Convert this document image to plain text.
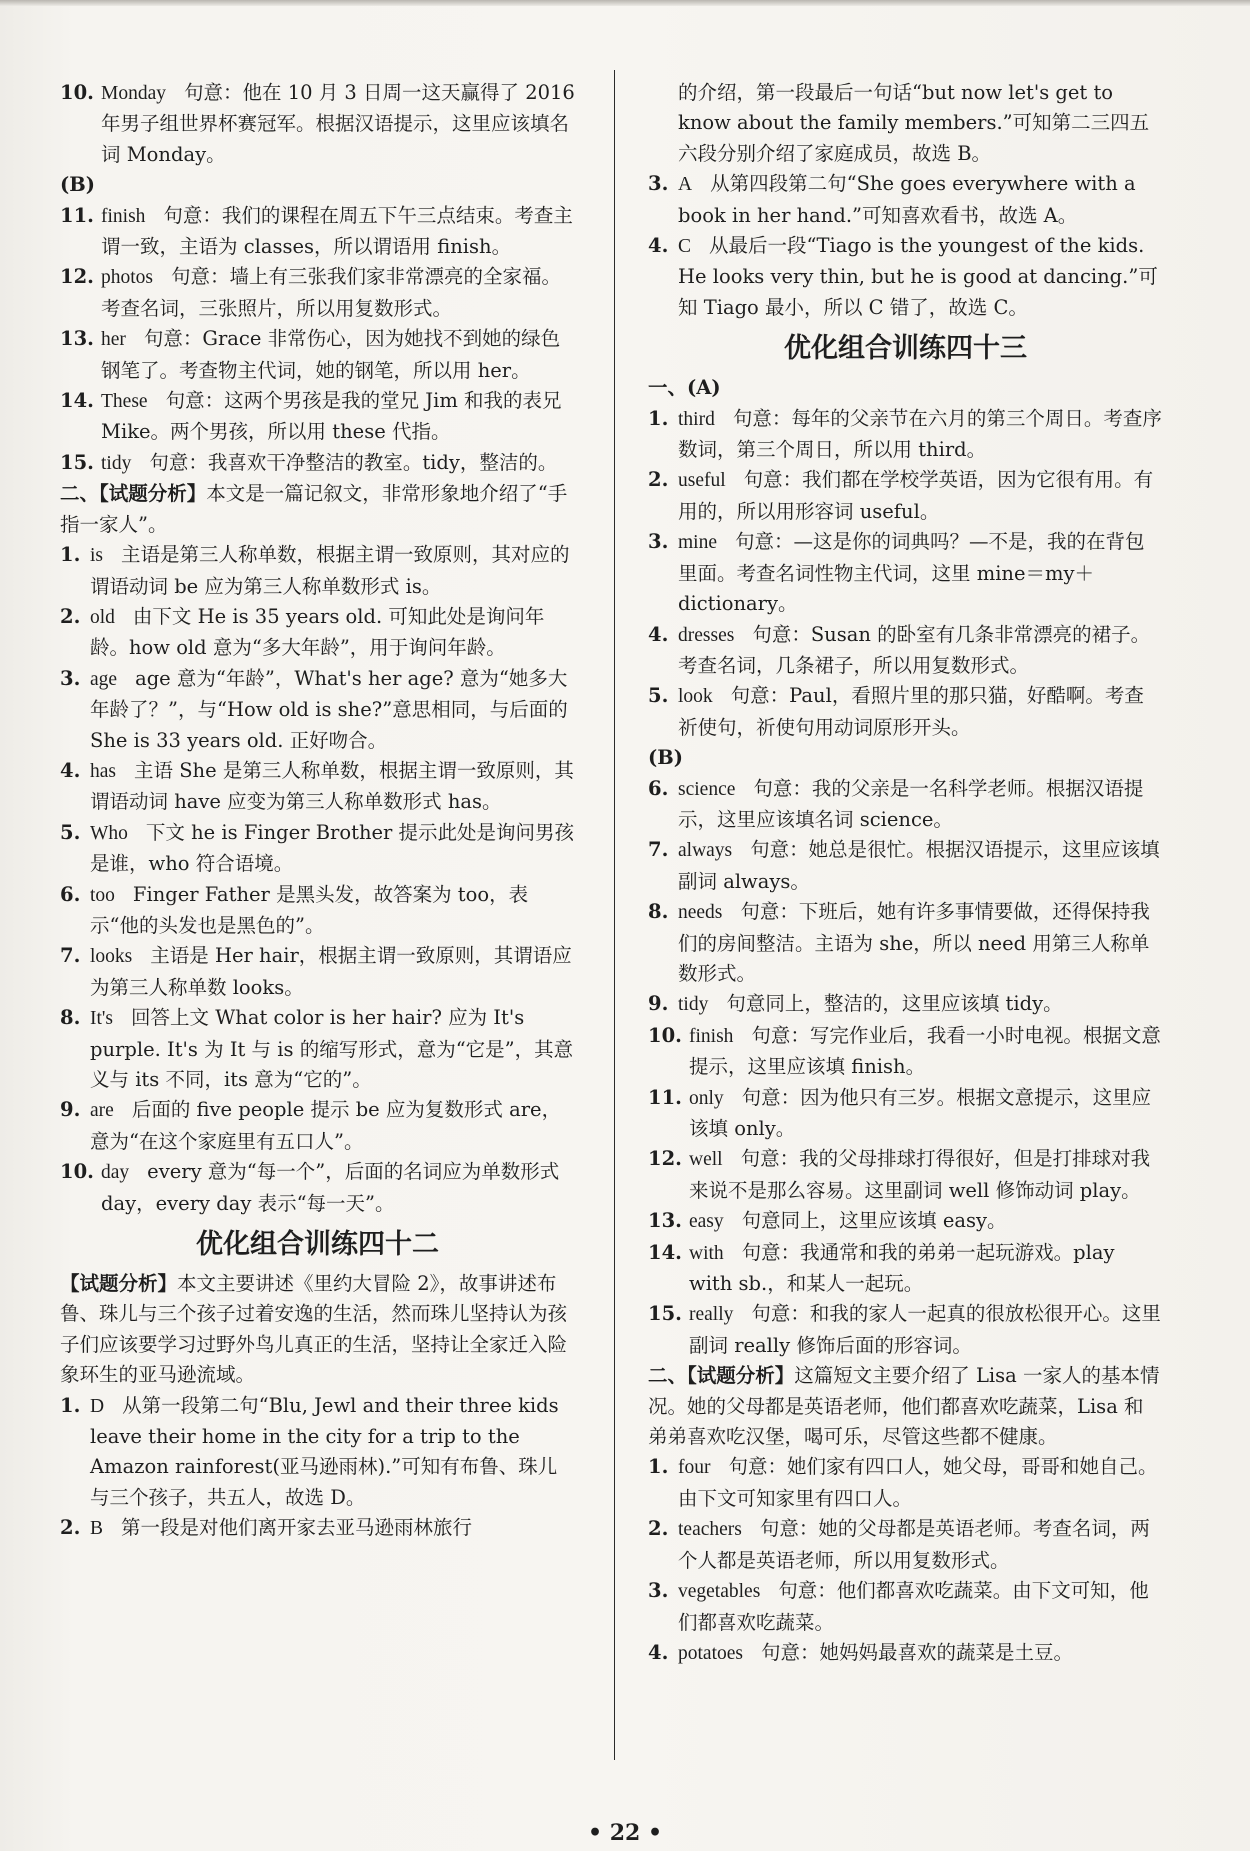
10. Monday 句意：他在 10 月 3 日周一这天赢得了 2016 年男子组世界杯赛冠军。根据汉语提示，这里应该填名词 Monday。

(B)

11. finish 句意：我们的课程在周五下午三点结束。考查主谓一致，主语为 classes，所以谓语用 finish。

12. photos 句意：墙上有三张我们家非常漂亮的全家福。考查名词，三张照片，所以用复数形式。

13. her 句意：Grace 非常伤心，因为她找不到她的绿色钢笔了。考查物主代词，她的钢笔，所以用 her。

14. These 句意：这两个男孩是我的堂兄 Jim 和我的表兄 Mike。两个男孩，所以用 these 代指。

15. tidy 句意：我喜欢干净整洁的教室。tidy，整洁的。

二、【试题分析】本文是一篇记叙文，非常形象地介绍了“手指一家人”。

1. is 主语是第三人称单数，根据主谓一致原则，其对应的谓语动词 be 应为第三人称单数形式 is。

2. old 由下文 He is 35 years old. 可知此处是询问年龄。how old 意为“多大年龄”，用于询问年龄。

3. age age 意为“年龄”，What's her age? 意为“她多大年龄了？”，与“How old is she?”意思相同，与后面的 She is 33 years old. 正好吻合。

4. has 主语 She 是第三人称单数，根据主谓一致原则，其谓语动词 have 应变为第三人称单数形式 has。

5. Who 下文 he is Finger Brother 提示此处是询问男孩是谁，who 符合语境。

6. too Finger Father 是黑头发，故答案为 too，表示“他的头发也是黑色的”。

7. looks 主语是 Her hair，根据主谓一致原则，其谓语应为第三人称单数 looks。

8. It's 回答上文 What color is her hair? 应为 It's purple. It's 为 It 与 is 的缩写形式，意为“它是”，其意义与 its 不同，its 意为“它的”。

9. are 后面的 five people 提示 be 应为复数形式 are，意为“在这个家庭里有五口人”。

10. day every 意为“每一个”，后面的名词应为单数形式 day，every day 表示“每一天”。

优化组合训练四十二

【试题分析】本文主要讲述《里约大冒险 2》，故事讲述布鲁、珠儿与三个孩子过着安逸的生活，然而珠儿坚持认为孩子们应该要学习过野外鸟儿真正的生活，坚持让全家迁入险象环生的亚马逊流域。

1. D 从第一段第二句“Blu, Jewl and their three kids leave their home in the city for a trip to the Amazon rainforest(亚马逊雨林).”可知有布鲁、珠儿与三个孩子，共五人，故选 D。

2. B 第一段是对他们离开家去亚马逊雨林旅行

的介绍，第一段最后一句话“but now let's get to know about the family members.”可知第二三四五六段分别介绍了家庭成员，故选 B。

3. A 从第四段第二句“She goes everywhere with a book in her hand.”可知喜欢看书，故选 A。

4. C 从最后一段“Tiago is the youngest of the kids. He looks very thin, but he is good at dancing.”可知 Tiago 最小，所以 C 错了，故选 C。

优化组合训练四十三

一、(A)

1. third 句意：每年的父亲节在六月的第三个周日。考查序数词，第三个周日，所以用 third。

2. useful 句意：我们都在学校学英语，因为它很有用。有用的，所以用形容词 useful。

3. mine 句意：—这是你的词典吗？—不是，我的在背包里面。考查名词性物主代词，这里 mine＝my＋ dictionary。

4. dresses 句意：Susan 的卧室有几条非常漂亮的裙子。考查名词，几条裙子，所以用复数形式。

5. look 句意：Paul，看照片里的那只猫，好酷啊。考查祈使句，祈使句用动词原形开头。

(B)

6. science 句意：我的父亲是一名科学老师。根据汉语提示，这里应该填名词 science。

7. always 句意：她总是很忙。根据汉语提示，这里应该填副词 always。

8. needs 句意：下班后，她有许多事情要做，还得保持我们的房间整洁。主语为 she，所以 need 用第三人称单数形式。

9. tidy 句意同上，整洁的，这里应该填 tidy。

10. finish 句意：写完作业后，我看一小时电视。根据文意提示，这里应该填 finish。

11. only 句意：因为他只有三岁。根据文意提示，这里应该填 only。

12. well 句意：我的父母排球打得很好，但是打排球对我来说不是那么容易。这里副词 well 修饰动词 play。

13. easy 句意同上，这里应该填 easy。

14. with 句意：我通常和我的弟弟一起玩游戏。play with sb.，和某人一起玩。

15. really 句意：和我的家人一起真的很放松很开心。这里副词 really 修饰后面的形容词。

二、【试题分析】这篇短文主要介绍了 Lisa 一家人的基本情况。她的父母都是英语老师，他们都喜欢吃蔬菜，Lisa 和弟弟喜欢吃汉堡，喝可乐，尽管这些都不健康。

1. four 句意：她们家有四口人，她父母，哥哥和她自己。由下文可知家里有四口人。

2. teachers 句意：她的父母都是英语老师。考查名词，两个人都是英语老师，所以用复数形式。

3. vegetables 句意：他们都喜欢吃蔬菜。由下文可知，他们都喜欢吃蔬菜。

4. potatoes 句意：她妈妈最喜欢的蔬菜是土豆。

• 22 •
